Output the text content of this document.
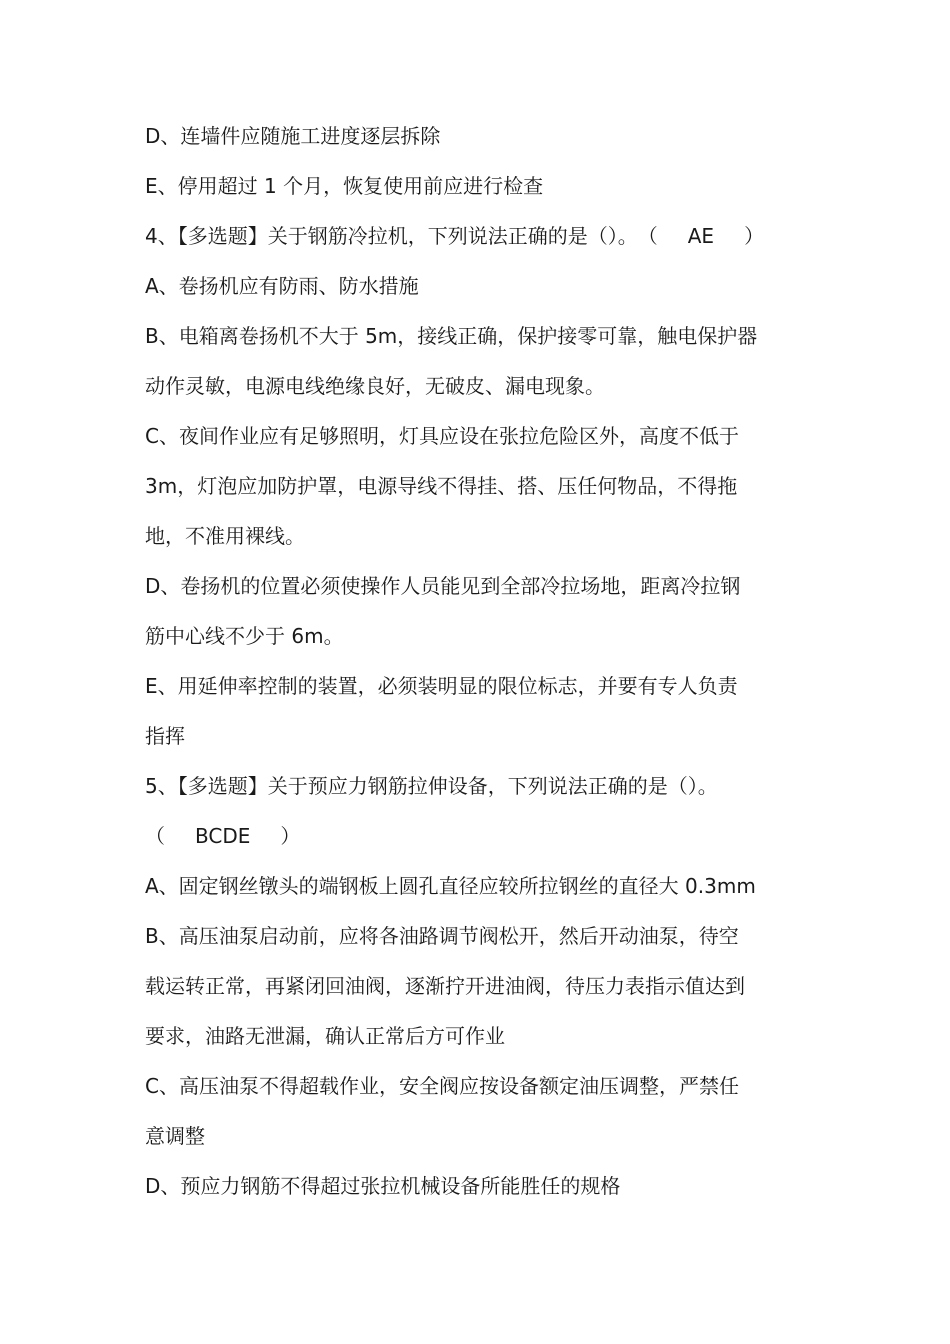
D、连墙件应随施工进度逐层拆除
E、停用超过 1 个月，恢复使用前应进行检查
4、【多选题】关于钢筋冷拉机，下列说法正确的是（）。（ AE ）
A、卷扬机应有防雨、防水措施
B、电箱离卷扬机不大于 5m，接线正确，保护接零可靠，触电保护器
动作灵敏，电源电线绝缘良好，无破皮、漏电现象。
C、夜间作业应有足够照明，灯具应设在张拉危险区外，高度不低于
3m，灯泡应加防护罩，电源导线不得挂、搭、压任何物品，不得拖
地，不准用裸线。
D、卷扬机的位置必须使操作人员能见到全部冷拉场地，距离冷拉钢
筋中心线不少于 6m。
E、用延伸率控制的装置，必须装明显的限位标志，并要有专人负责
指挥
5、【多选题】关于预应力钢筋拉伸设备，下列说法正确的是（）。
（ BCDE ）
A、固定钢丝镦头的端钢板上圆孔直径应较所拉钢丝的直径大 0.3mm
B、高压油泵启动前，应将各油路调节阀松开，然后开动油泵，待空
载运转正常，再紧闭回油阀，逐渐拧开进油阀，待压力表指示值达到
要求，油路无泄漏，确认正常后方可作业
C、高压油泵不得超载作业，安全阀应按设备额定油压调整，严禁任
意调整
D、预应力钢筋不得超过张拉机械设备所能胜任的规格
